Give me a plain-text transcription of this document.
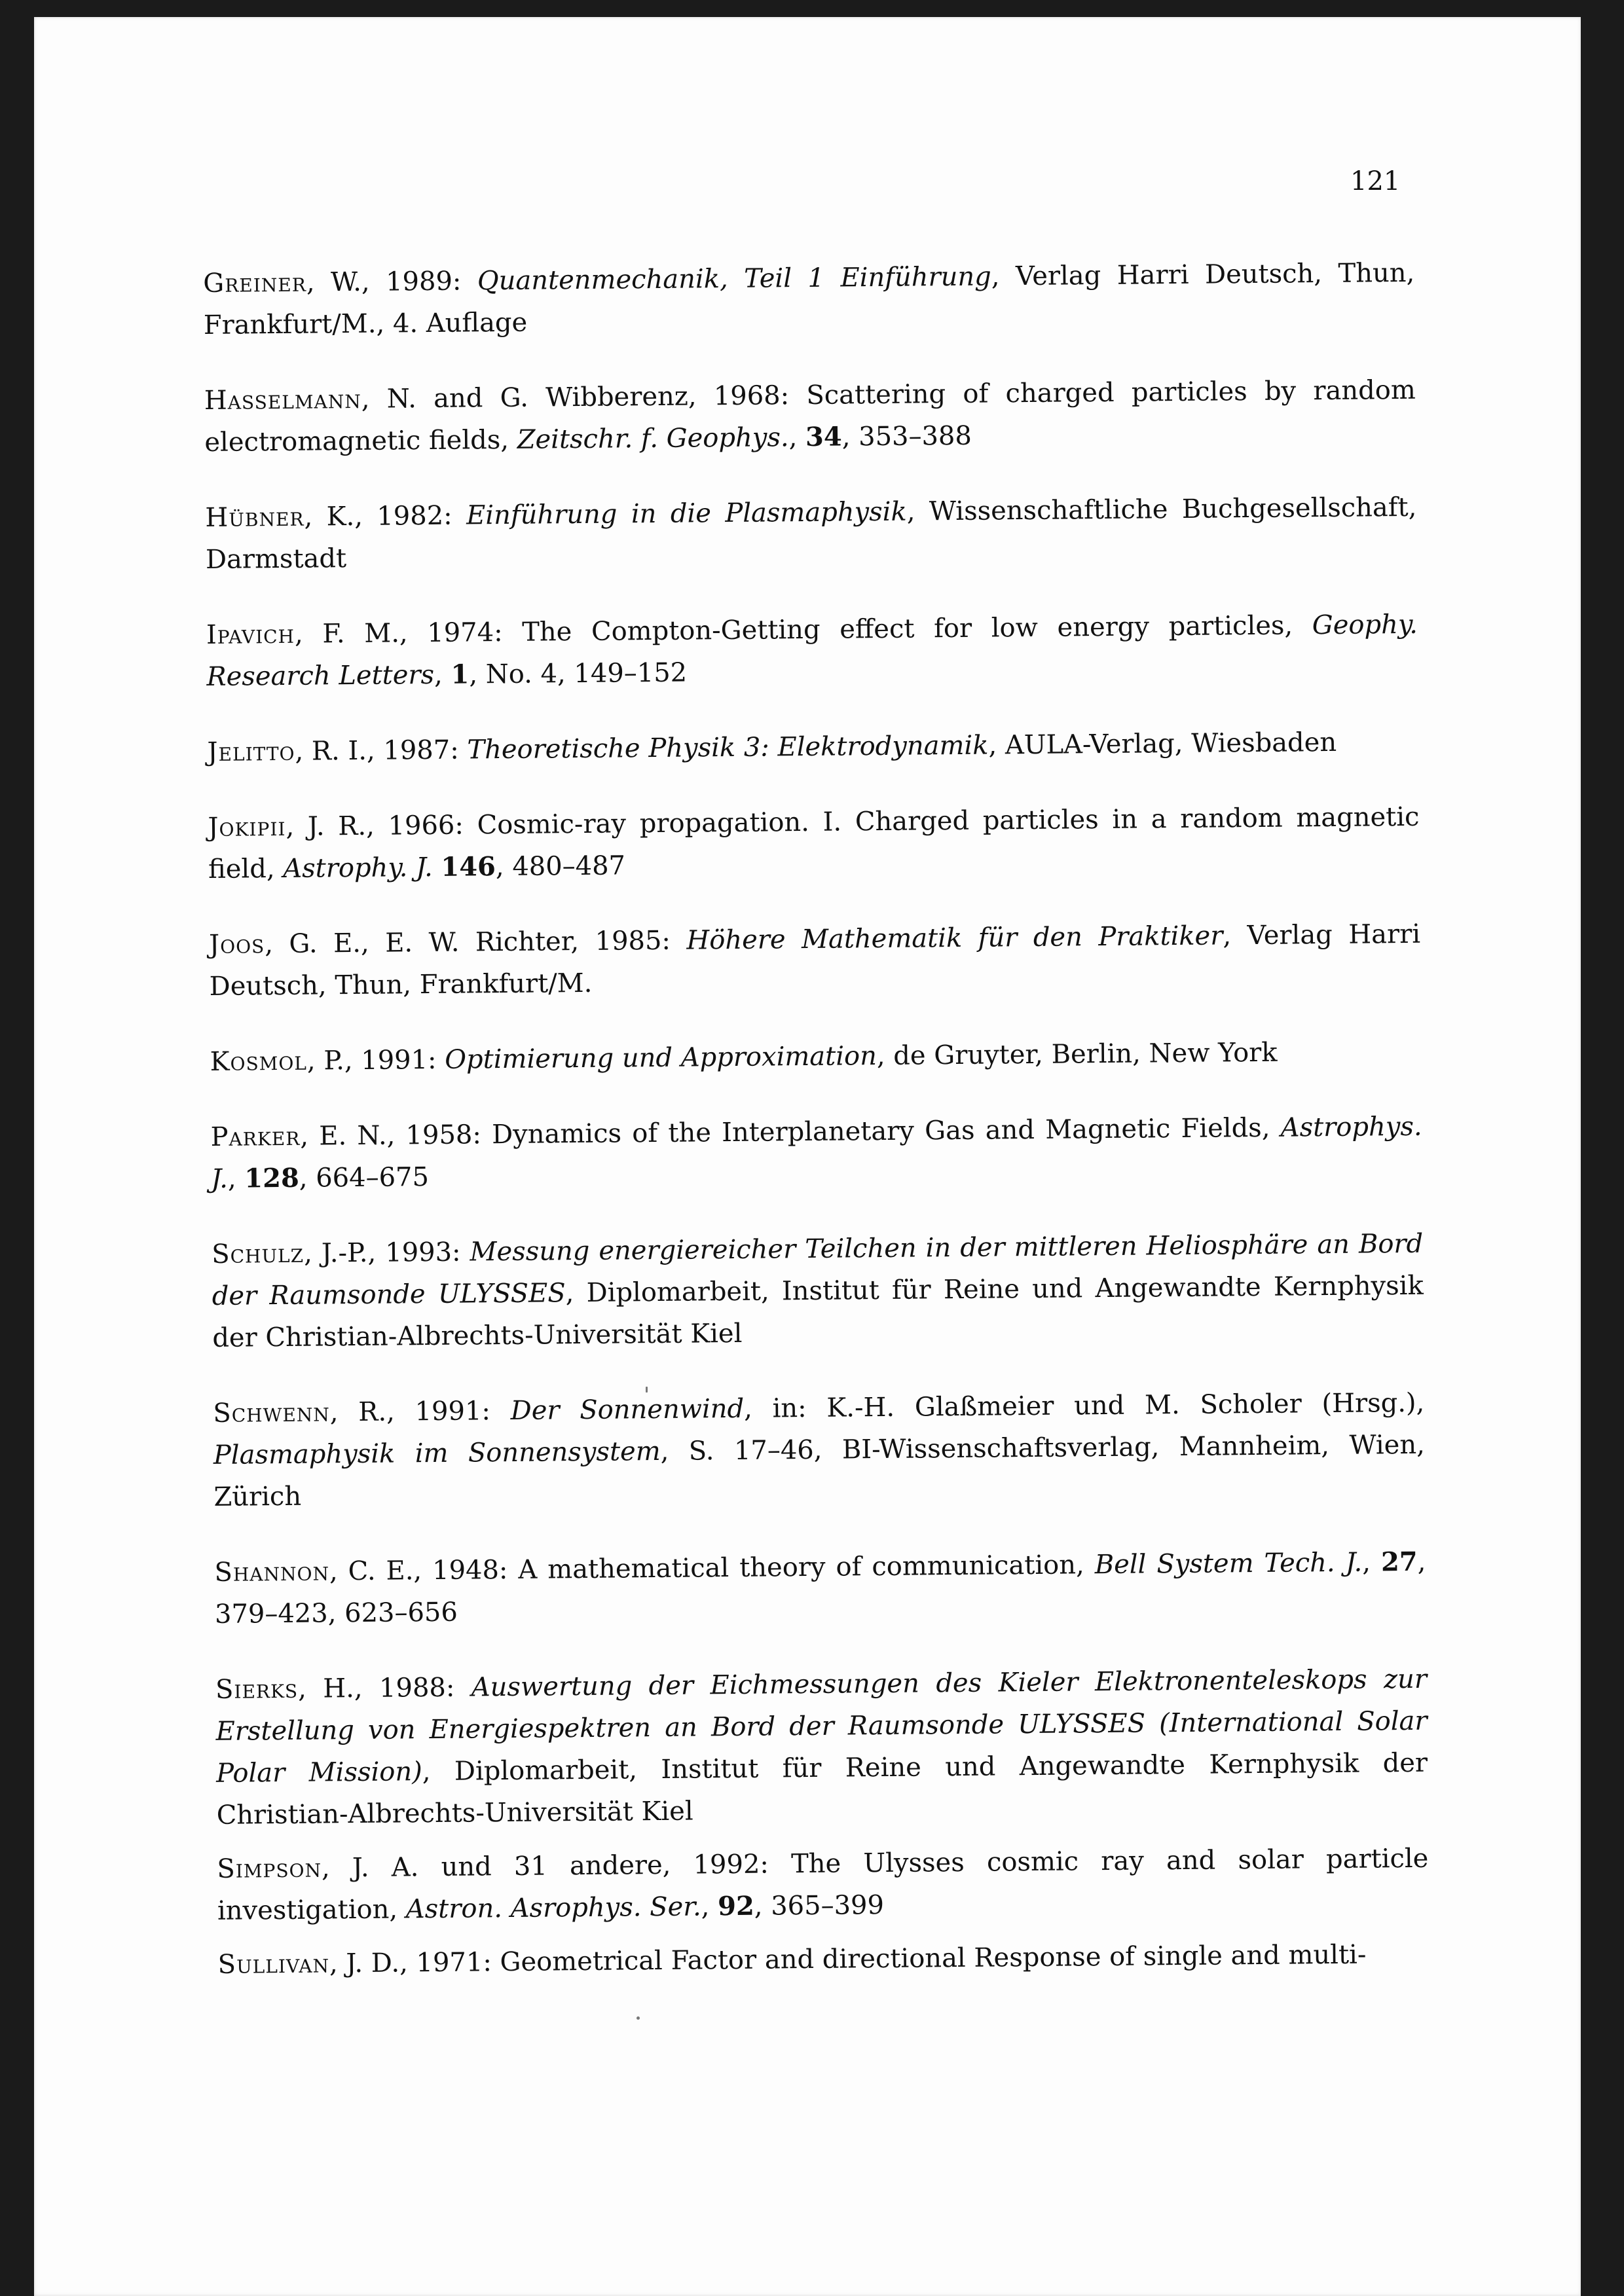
121
Greiner, W., 1989: Quantenmechanik, Teil 1 Einführung, Verlag Harri Deutsch, Thun, Frankfurt/M., 4. Auflage
Hasselmann, N. and G. Wibberenz, 1968: Scattering of charged particles by random electromagnetic fields, Zeitschr. f. Geophys., 34, 353–388
Hübner, K., 1982: Einführung in die Plasmaphysik, Wissenschaftliche Buchgesellschaft, Darmstadt
Ipavich, F. M., 1974: The Compton-Getting effect for low energy particles, Geophy. Research Letters, 1, No. 4, 149–152
Jelitto, R. I., 1987: Theoretische Physik 3: Elektrodynamik, AULA-Verlag, Wiesbaden
Jokipii, J. R., 1966: Cosmic-ray propagation. I. Charged particles in a random magnetic field, Astrophy. J. 146, 480–487
Joos, G. E., E. W. Richter, 1985: Höhere Mathematik für den Praktiker, Verlag Harri Deutsch, Thun, Frankfurt/M.
Kosmol, P., 1991: Optimierung und Approximation, de Gruyter, Berlin, New York
Parker, E. N., 1958: Dynamics of the Interplanetary Gas and Magnetic Fields, Astrophys. J., 128, 664–675
Schulz, J.-P., 1993: Messung energiereicher Teilchen in der mittleren Heliosphäre an Bord der Raumsonde ULYSSES, Diplomarbeit, Institut für Reine und Angewandte Kernphysik der Christian-Albrechts-Universität Kiel
Schwenn, R., 1991: Der Sonnenwind, in: K.-H. Glaßmeier und M. Scholer (Hrsg.), Plasmaphysik im Sonnensystem, S. 17–46, BI-Wissenschaftsverlag, Mannheim, Wien, Zürich
Shannon, C. E., 1948: A mathematical theory of communication, Bell System Tech. J., 27, 379–423, 623–656
Sierks, H., 1988: Auswertung der Eichmessungen des Kieler Elektronenteleskops zur Erstellung von Energiespektren an Bord der Raumsonde ULYSSES (International Solar Polar Mission), Diplomarbeit, Institut für Reine und Angewandte Kernphysik der Christian-Albrechts-Universität Kiel
Simpson, J. A. und 31 andere, 1992: The Ulysses cosmic ray and solar particle investigation, Astron. Asrophys. Ser., 92, 365–399
Sullivan, J. D., 1971: Geometrical Factor and directional Response of single and multi-
